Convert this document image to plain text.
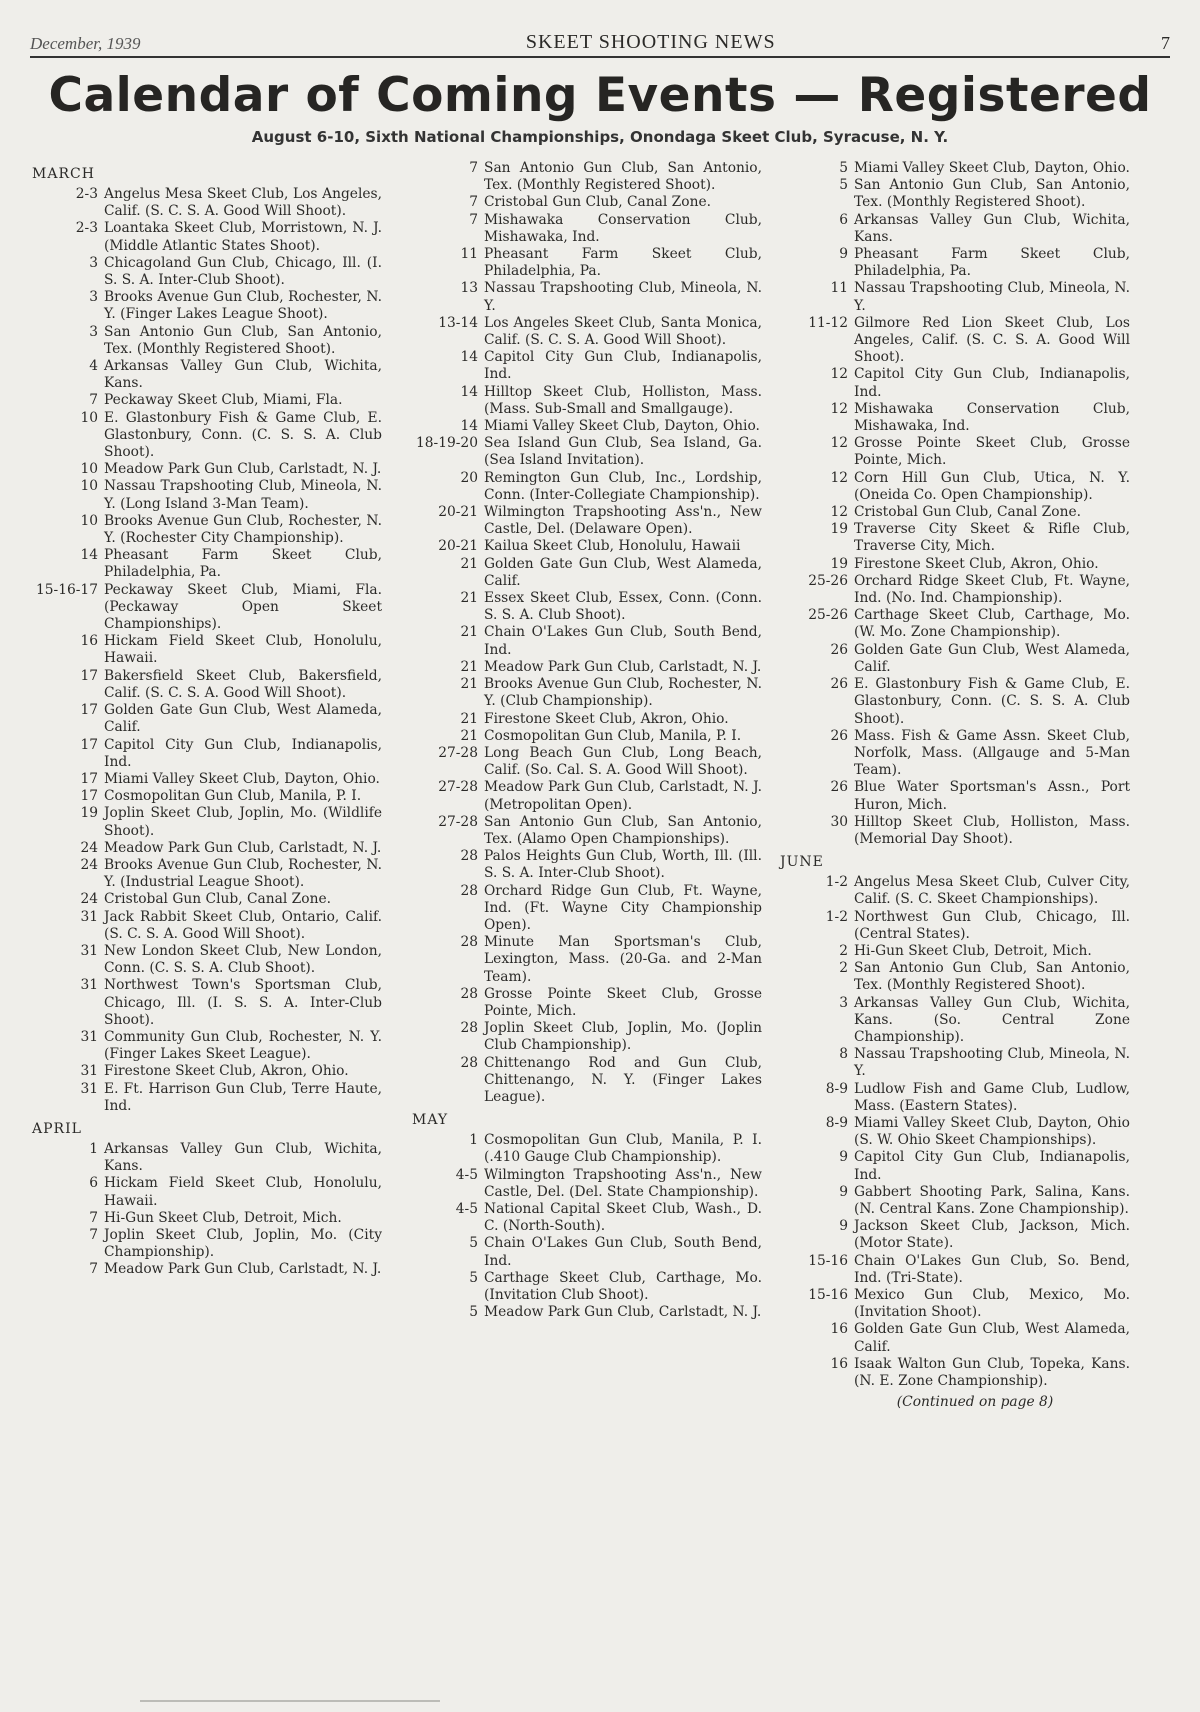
December, 1939	SKEET SHOOTING NEWS	7
Calendar of Coming Events — Registered
August 6-10, Sixth National Championships, Onondaga Skeet Club, Syracuse, N. Y.
MARCH
2-3 Angelus Mesa Skeet Club, Los Angeles, Calif. (S. C. S. A. Good Will Shoot).
2-3 Loantaka Skeet Club, Morristown, N. J. (Middle Atlantic States Shoot).
3 Chicagoland Gun Club, Chicago, Ill. (I. S. S. A. Inter-Club Shoot).
3 Brooks Avenue Gun Club, Rochester, N. Y. (Finger Lakes League Shoot).
3 San Antonio Gun Club, San Antonio, Tex. (Monthly Registered Shoot).
4 Arkansas Valley Gun Club, Wichita, Kans.
7 Peckaway Skeet Club, Miami, Fla.
10 E. Glastonbury Fish & Game Club, E. Glastonbury, Conn. (C. S. S. A. Club Shoot).
10 Meadow Park Gun Club, Carlstadt, N. J.
10 Nassau Trapshooting Club, Mineola, N. Y. (Long Island 3-Man Team).
10 Brooks Avenue Gun Club, Rochester, N. Y. (Rochester City Championship).
14 Pheasant Farm Skeet Club, Philadelphia, Pa.
15-16-17 Peckaway Skeet Club, Miami, Fla. (Peckaway Open Skeet Championships).
16 Hickam Field Skeet Club, Honolulu, Hawaii.
17 Bakersfield Skeet Club, Bakersfield, Calif. (S. C. S. A. Good Will Shoot).
17 Golden Gate Gun Club, West Alameda, Calif.
17 Capitol City Gun Club, Indianapolis, Ind.
17 Miami Valley Skeet Club, Dayton, Ohio.
17 Cosmopolitan Gun Club, Manila, P. I.
19 Joplin Skeet Club, Joplin, Mo. (Wildlife Shoot).
24 Meadow Park Gun Club, Carlstadt, N. J.
24 Brooks Avenue Gun Club, Rochester, N. Y. (Industrial League Shoot).
24 Cristobal Gun Club, Canal Zone.
31 Jack Rabbit Skeet Club, Ontario, Calif. (S. C. S. A. Good Will Shoot).
31 New London Skeet Club, New London, Conn. (C. S. S. A. Club Shoot).
31 Northwest Town's Sportsman Club, Chicago, Ill. (I. S. S. A. Inter-Club Shoot).
31 Community Gun Club, Rochester, N. Y. (Finger Lakes Skeet League).
31 Firestone Skeet Club, Akron, Ohio.
31 E. Ft. Harrison Gun Club, Terre Haute, Ind.
APRIL
1 Arkansas Valley Gun Club, Wichita, Kans.
6 Hickam Field Skeet Club, Honolulu, Hawaii.
7 Hi-Gun Skeet Club, Detroit, Mich.
7 Joplin Skeet Club, Joplin, Mo. (City Championship).
7 Meadow Park Gun Club, Carlstadt, N. J.
7 San Antonio Gun Club, San Antonio, Tex. (Monthly Registered Shoot).
7 Cristobal Gun Club, Canal Zone.
7 Mishawaka Conservation Club, Mishawaka, Ind.
11 Pheasant Farm Skeet Club, Philadelphia, Pa.
13 Nassau Trapshooting Club, Mineola, N. Y.
13-14 Los Angeles Skeet Club, Santa Monica, Calif. (S. C. S. A. Good Will Shoot).
14 Capitol City Gun Club, Indianapolis, Ind.
14 Hilltop Skeet Club, Holliston, Mass. (Mass. Sub-Small and Smallgauge).
14 Miami Valley Skeet Club, Dayton, Ohio.
18-19-20 Sea Island Gun Club, Sea Island, Ga. (Sea Island Invitation).
20 Remington Gun Club, Inc., Lordship, Conn. (Inter-Collegiate Championship).
20-21 Wilmington Trapshooting Ass'n., New Castle, Del. (Delaware Open).
20-21 Kailua Skeet Club, Honolulu, Hawaii
21 Golden Gate Gun Club, West Alameda, Calif.
21 Essex Skeet Club, Essex, Conn. (Conn. S. S. A. Club Shoot).
21 Chain O'Lakes Gun Club, South Bend, Ind.
21 Meadow Park Gun Club, Carlstadt, N. J.
21 Brooks Avenue Gun Club, Rochester, N. Y. (Club Championship).
21 Firestone Skeet Club, Akron, Ohio.
21 Cosmopolitan Gun Club, Manila, P. I.
27-28 Long Beach Gun Club, Long Beach, Calif. (So. Cal. S. A. Good Will Shoot).
27-28 Meadow Park Gun Club, Carlstadt, N. J. (Metropolitan Open).
27-28 San Antonio Gun Club, San Antonio, Tex. (Alamo Open Championships).
28 Palos Heights Gun Club, Worth, Ill. (Ill. S. S. A. Inter-Club Shoot).
28 Orchard Ridge Gun Club, Ft. Wayne, Ind. (Ft. Wayne City Championship Open).
28 Minute Man Sportsman's Club, Lexington, Mass. (20-Ga. and 2-Man Team).
28 Grosse Pointe Skeet Club, Grosse Pointe, Mich.
28 Joplin Skeet Club, Joplin, Mo. (Joplin Club Championship).
28 Chittenango Rod and Gun Club, Chittenango, N. Y. (Finger Lakes League).
MAY
1 Cosmopolitan Gun Club, Manila, P. I. (.410 Gauge Club Championship).
4-5 Wilmington Trapshooting Ass'n., New Castle, Del. (Del. State Championship).
4-5 National Capital Skeet Club, Wash., D. C. (North-South).
5 Chain O'Lakes Gun Club, South Bend, Ind.
5 Carthage Skeet Club, Carthage, Mo. (Invitation Club Shoot).
5 Meadow Park Gun Club, Carlstadt, N. J.
5 Miami Valley Skeet Club, Dayton, Ohio.
5 San Antonio Gun Club, San Antonio, Tex. (Monthly Registered Shoot).
6 Arkansas Valley Gun Club, Wichita, Kans.
9 Pheasant Farm Skeet Club, Philadelphia, Pa.
11 Nassau Trapshooting Club, Mineola, N. Y.
11-12 Gilmore Red Lion Skeet Club, Los Angeles, Calif. (S. C. S. A. Good Will Shoot).
12 Capitol City Gun Club, Indianapolis, Ind.
12 Mishawaka Conservation Club, Mishawaka, Ind.
12 Grosse Pointe Skeet Club, Grosse Pointe, Mich.
12 Corn Hill Gun Club, Utica, N. Y. (Oneida Co. Open Championship).
12 Cristobal Gun Club, Canal Zone.
19 Traverse City Skeet & Rifle Club, Traverse City, Mich.
19 Firestone Skeet Club, Akron, Ohio.
25-26 Orchard Ridge Skeet Club, Ft. Wayne, Ind. (No. Ind. Championship).
25-26 Carthage Skeet Club, Carthage, Mo. (W. Mo. Zone Championship).
26 Golden Gate Gun Club, West Alameda, Calif.
26 E. Glastonbury Fish & Game Club, E. Glastonbury, Conn. (C. S. S. A. Club Shoot).
26 Mass. Fish & Game Assn. Skeet Club, Norfolk, Mass. (Allgauge and 5-Man Team).
26 Blue Water Sportsman's Assn., Port Huron, Mich.
30 Hilltop Skeet Club, Holliston, Mass. (Memorial Day Shoot).
JUNE
1-2 Angelus Mesa Skeet Club, Culver City, Calif. (S. C. Skeet Championships).
1-2 Northwest Gun Club, Chicago, Ill. (Central States).
2 Hi-Gun Skeet Club, Detroit, Mich.
2 San Antonio Gun Club, San Antonio, Tex. (Monthly Registered Shoot).
3 Arkansas Valley Gun Club, Wichita, Kans. (So. Central Zone Championship).
8 Nassau Trapshooting Club, Mineola, N. Y.
8-9 Ludlow Fish and Game Club, Ludlow, Mass. (Eastern States).
8-9 Miami Valley Skeet Club, Dayton, Ohio (S. W. Ohio Skeet Championships).
9 Capitol City Gun Club, Indianapolis, Ind.
9 Gabbert Shooting Park, Salina, Kans. (N. Central Kans. Zone Championship).
9 Jackson Skeet Club, Jackson, Mich. (Motor State).
15-16 Chain O'Lakes Gun Club, So. Bend, Ind. (Tri-State).
15-16 Mexico Gun Club, Mexico, Mo. (Invitation Shoot).
16 Golden Gate Gun Club, West Alameda, Calif.
16 Isaak Walton Gun Club, Topeka, Kans. (N. E. Zone Championship).
(Continued on page 8)
